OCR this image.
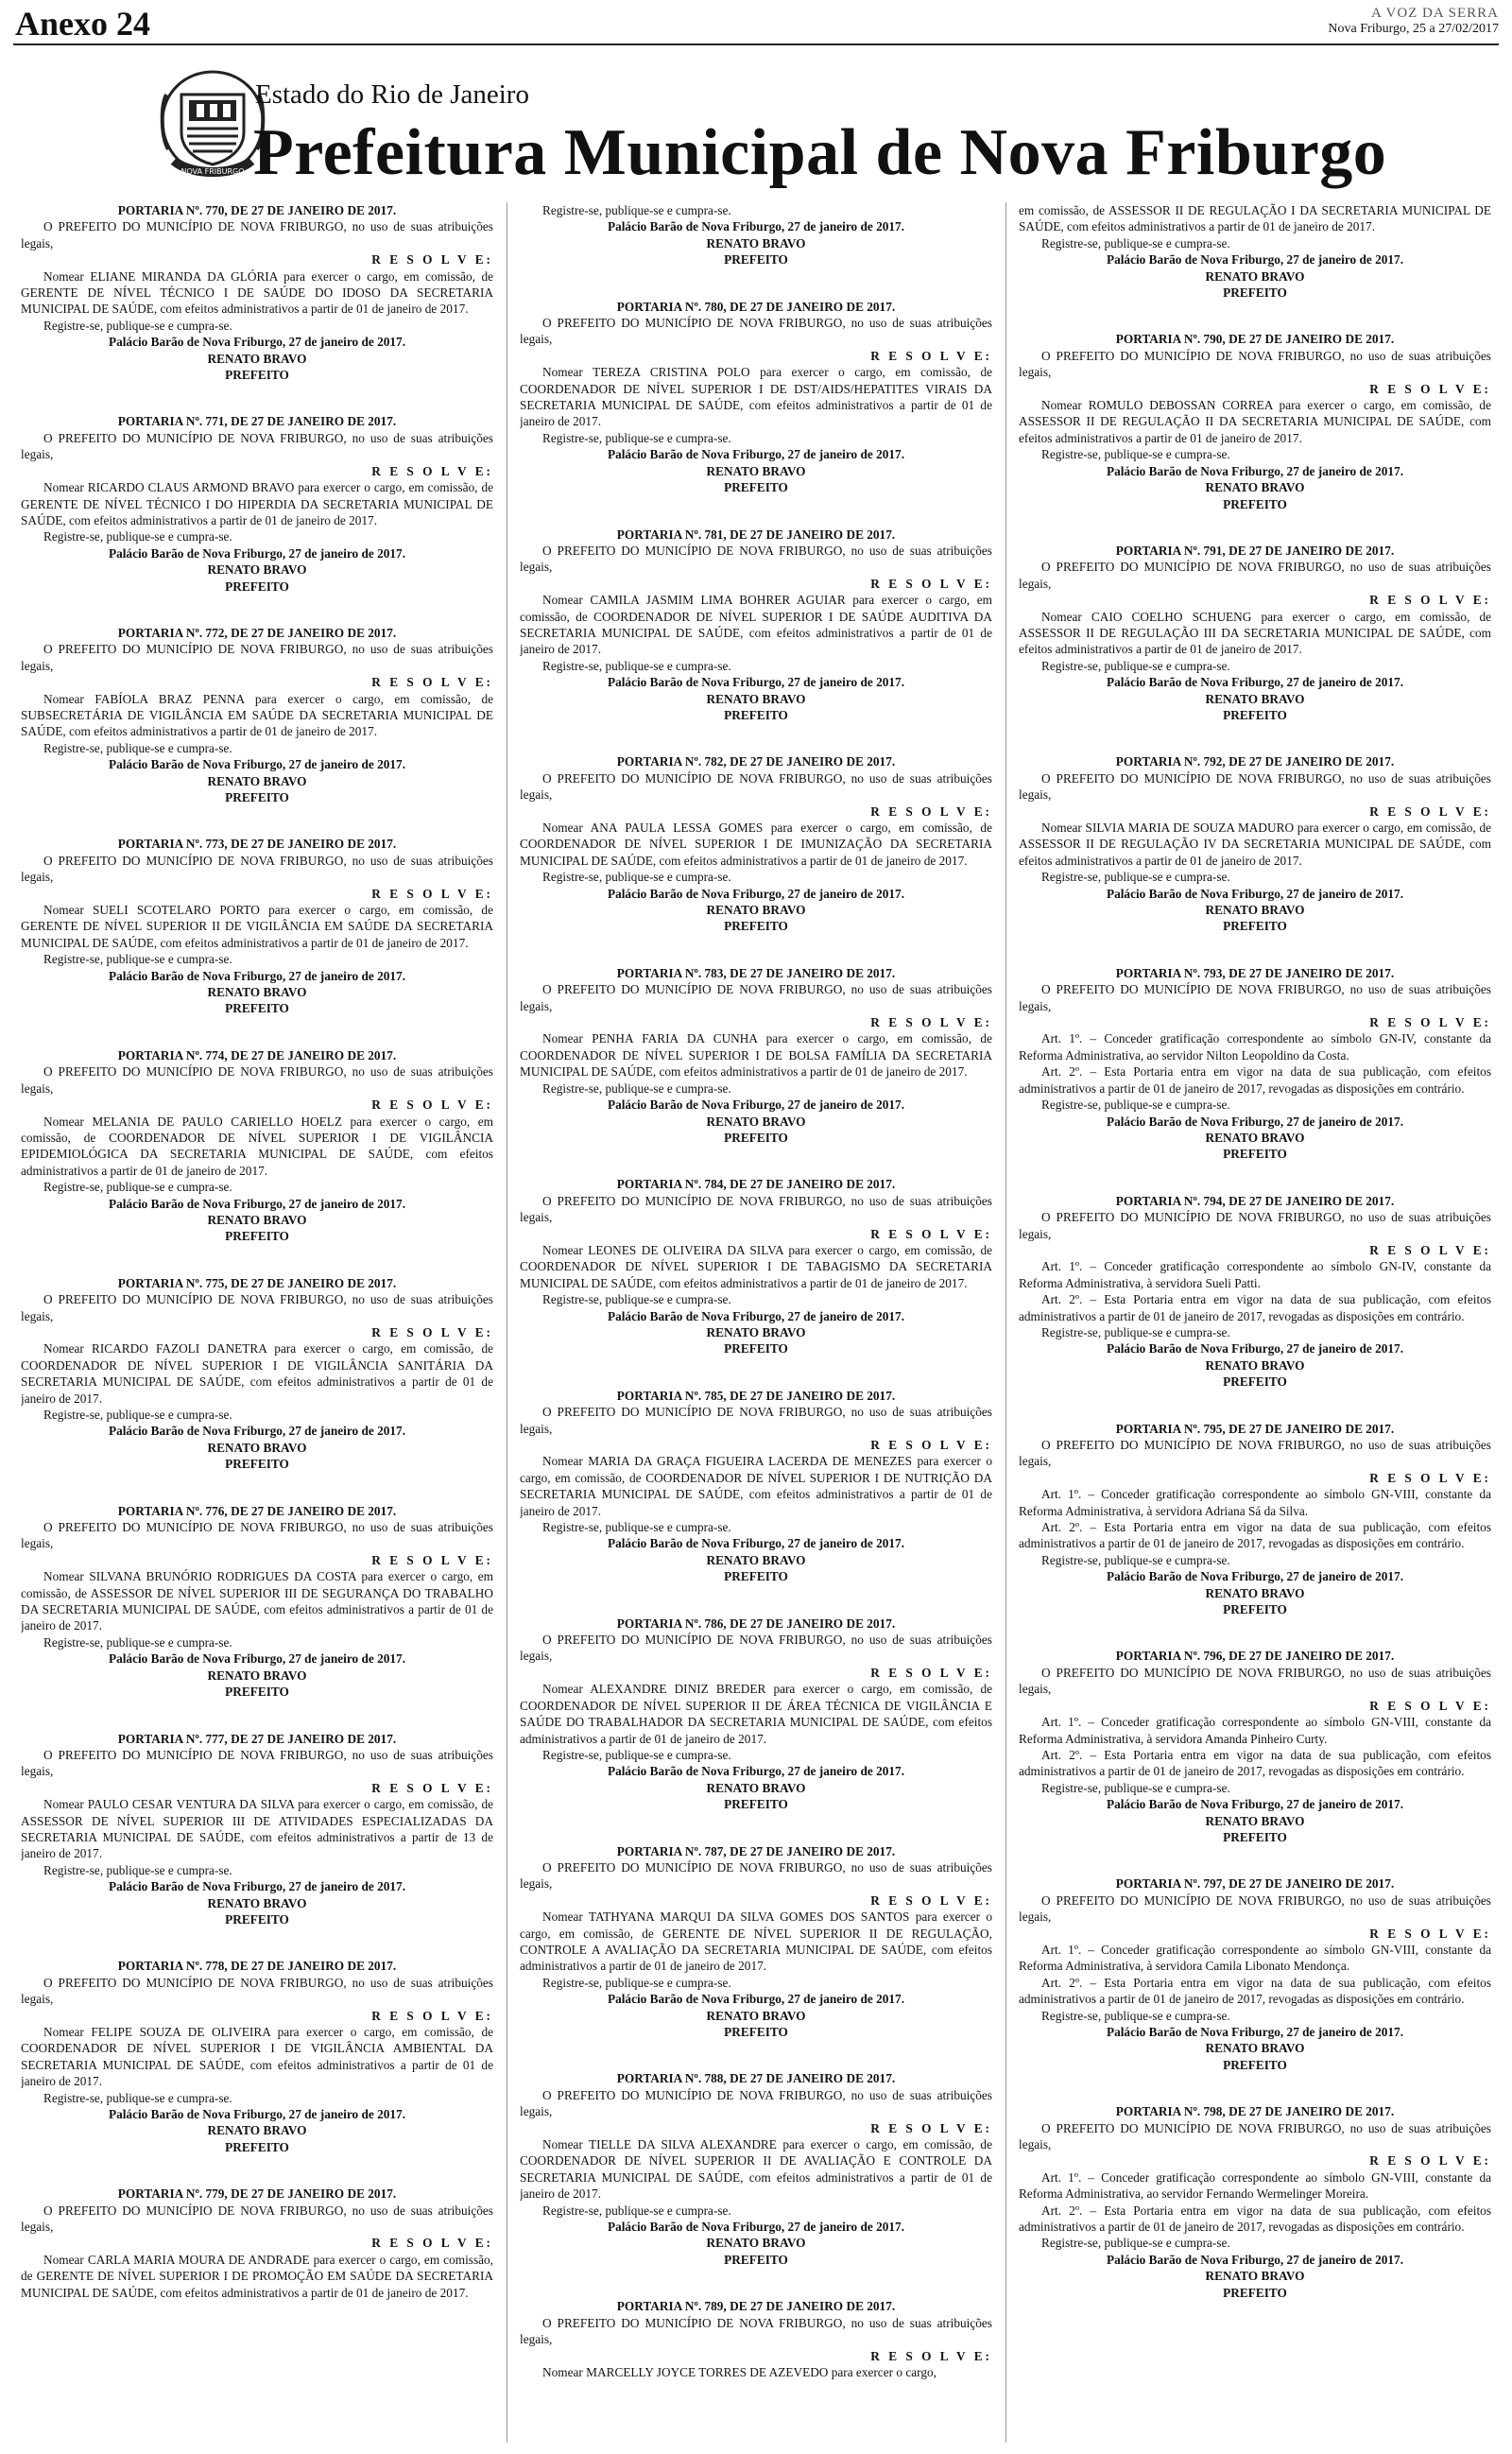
Anexo 24	A VOZ DA SERRA
Nova Friburgo, 25 a 27/02/2017
NOVA FRIBURGO
Estado do Rio de Janeiro
Prefeitura Municipal de Nova Friburgo

PORTARIA Nº. 770, DE 27 DE JANEIRO DE 2017.

O PREFEITO DO MUNICÍPIO DE NOVA FRIBURGO, no uso de suas atribuições legais,

R E S O L V E:

Nomear ELIANE MIRANDA DA GLÓRIA para exercer o cargo, em comissão, de GERENTE DE NÍVEL TÉCNICO I DE SAÚDE DO IDOSO DA SECRETARIA MUNICIPAL DE SAÚDE, com efeitos administrativos a partir de 01 de janeiro de 2017.

Registre-se, publique-se e cumpra-se.

Palácio Barão de Nova Friburgo, 27 de janeiro de 2017.

RENATO BRAVO

PREFEITO

PORTARIA Nº. 771, DE 27 DE JANEIRO DE 2017.

O PREFEITO DO MUNICÍPIO DE NOVA FRIBURGO, no uso de suas atribuições legais,

R E S O L V E:

Nomear RICARDO CLAUS ARMOND BRAVO para exercer o cargo, em comissão, de GERENTE DE NÍVEL TÉCNICO I DO HIPERDIA DA SECRETARIA MUNICIPAL DE SAÚDE, com efeitos administrativos a partir de 01 de janeiro de 2017.

Registre-se, publique-se e cumpra-se.

Palácio Barão de Nova Friburgo, 27 de janeiro de 2017.

RENATO BRAVO

PREFEITO

PORTARIA Nº. 772, DE 27 DE JANEIRO DE 2017.

O PREFEITO DO MUNICÍPIO DE NOVA FRIBURGO, no uso de suas atribuições legais,

R E S O L V E:

Nomear FABÍOLA BRAZ PENNA para exercer o cargo, em comissão, de SUBSECRETÁRIA DE VIGILÂNCIA EM SAÚDE DA SECRETARIA MUNICIPAL DE SAÚDE, com efeitos administrativos a partir de 01 de janeiro de 2017.

Registre-se, publique-se e cumpra-se.

Palácio Barão de Nova Friburgo, 27 de janeiro de 2017.

RENATO BRAVO

PREFEITO

PORTARIA Nº. 773, DE 27 DE JANEIRO DE 2017.

O PREFEITO DO MUNICÍPIO DE NOVA FRIBURGO, no uso de suas atribuições legais,

R E S O L V E:

Nomear SUELI SCOTELARO PORTO para exercer o cargo, em comissão, de GERENTE DE NÍVEL SUPERIOR II DE VIGILÂNCIA EM SAÚDE DA SECRETARIA MUNICIPAL DE SAÚDE, com efeitos administrativos a partir de 01 de janeiro de 2017.

Registre-se, publique-se e cumpra-se.

Palácio Barão de Nova Friburgo, 27 de janeiro de 2017.

RENATO BRAVO

PREFEITO

PORTARIA Nº. 774, DE 27 DE JANEIRO DE 2017.

O PREFEITO DO MUNICÍPIO DE NOVA FRIBURGO, no uso de suas atribuições legais,

R E S O L V E:

Nomear MELANIA DE PAULO CARIELLO HOELZ para exercer o cargo, em comissão, de COORDENADOR DE NÍVEL SUPERIOR I DE VIGILÂNCIA EPIDEMIOLÓGICA DA SECRETARIA MUNICIPAL DE SAÚDE, com efeitos administrativos a partir de 01 de janeiro de 2017.

Registre-se, publique-se e cumpra-se.

Palácio Barão de Nova Friburgo, 27 de janeiro de 2017.

RENATO BRAVO

PREFEITO

PORTARIA Nº. 775, DE 27 DE JANEIRO DE 2017.

O PREFEITO DO MUNICÍPIO DE NOVA FRIBURGO, no uso de suas atribuições legais,

R E S O L V E:

Nomear RICARDO FAZOLI DANETRA para exercer o cargo, em comissão, de COORDENADOR DE NÍVEL SUPERIOR I DE VIGILÂNCIA SANITÁRIA DA SECRETARIA MUNICIPAL DE SAÚDE, com efeitos administrativos a partir de 01 de janeiro de 2017.

Registre-se, publique-se e cumpra-se.

Palácio Barão de Nova Friburgo, 27 de janeiro de 2017.

RENATO BRAVO

PREFEITO

PORTARIA Nº. 776, DE 27 DE JANEIRO DE 2017.

O PREFEITO DO MUNICÍPIO DE NOVA FRIBURGO, no uso de suas atribuições legais,

R E S O L V E:

Nomear SILVANA BRUNÓRIO RODRIGUES DA COSTA para exercer o cargo, em comissão, de ASSESSOR DE NÍVEL SUPERIOR III DE SEGURANÇA DO TRABALHO DA SECRETARIA MUNICIPAL DE SAÚDE, com efeitos administrativos a partir de 01 de janeiro de 2017.

Registre-se, publique-se e cumpra-se.

Palácio Barão de Nova Friburgo, 27 de janeiro de 2017.

RENATO BRAVO

PREFEITO

PORTARIA Nº. 777, DE 27 DE JANEIRO DE 2017.

O PREFEITO DO MUNICÍPIO DE NOVA FRIBURGO, no uso de suas atribuições legais,

R E S O L V E:

Nomear PAULO CESAR VENTURA DA SILVA para exercer o cargo, em comissão, de ASSESSOR DE NÍVEL SUPERIOR III DE ATIVIDADES ESPECIALIZADAS DA SECRETARIA MUNICIPAL DE SAÚDE, com efeitos administrativos a partir de 13 de janeiro de 2017.

Registre-se, publique-se e cumpra-se.

Palácio Barão de Nova Friburgo, 27 de janeiro de 2017.

RENATO BRAVO

PREFEITO

PORTARIA Nº. 778, DE 27 DE JANEIRO DE 2017.

O PREFEITO DO MUNICÍPIO DE NOVA FRIBURGO, no uso de suas atribuições legais,

R E S O L V E:

Nomear FELIPE SOUZA DE OLIVEIRA para exercer o cargo, em comissão, de COORDENADOR DE NÍVEL SUPERIOR I DE VIGILÂNCIA AMBIENTAL DA SECRETARIA MUNICIPAL DE SAÚDE, com efeitos administrativos a partir de 01 de janeiro de 2017.

Registre-se, publique-se e cumpra-se.

Palácio Barão de Nova Friburgo, 27 de janeiro de 2017.

RENATO BRAVO

PREFEITO

PORTARIA Nº. 779, DE 27 DE JANEIRO DE 2017.

O PREFEITO DO MUNICÍPIO DE NOVA FRIBURGO, no uso de suas atribuições legais,

R E S O L V E:

Nomear CARLA MARIA MOURA DE ANDRADE para exercer o cargo, em comissão, de GERENTE DE NÍVEL SUPERIOR I DE PROMOÇÃO EM SAÚDE DA SECRETARIA MUNICIPAL DE SAÚDE, com efeitos administrativos a partir de 01 de janeiro de 2017.

Registre-se, publique-se e cumpra-se.

Palácio Barão de Nova Friburgo, 27 de janeiro de 2017.

RENATO BRAVO

PREFEITO

PORTARIA Nº. 780, DE 27 DE JANEIRO DE 2017.

O PREFEITO DO MUNICÍPIO DE NOVA FRIBURGO, no uso de suas atribuições legais,

R E S O L V E:

Nomear TEREZA CRISTINA POLO para exercer o cargo, em comissão, de COORDENADOR DE NÍVEL SUPERIOR I DE DST/AIDS/HEPATITES VIRAIS DA SECRETARIA MUNICIPAL DE SAÚDE, com efeitos administrativos a partir de 01 de janeiro de 2017.

Registre-se, publique-se e cumpra-se.

Palácio Barão de Nova Friburgo, 27 de janeiro de 2017.

RENATO BRAVO

PREFEITO

PORTARIA Nº. 781, DE 27 DE JANEIRO DE 2017.

O PREFEITO DO MUNICÍPIO DE NOVA FRIBURGO, no uso de suas atribuições legais,

R E S O L V E:

Nomear CAMILA JASMIM LIMA BOHRER AGUIAR para exercer o cargo, em comissão, de COORDENADOR DE NÍVEL SUPERIOR I DE SAÚDE AUDITIVA DA SECRETARIA MUNICIPAL DE SAÚDE, com efeitos administrativos a partir de 01 de janeiro de 2017.

Registre-se, publique-se e cumpra-se.

Palácio Barão de Nova Friburgo, 27 de janeiro de 2017.

RENATO BRAVO

PREFEITO

PORTARIA Nº. 782, DE 27 DE JANEIRO DE 2017.

O PREFEITO DO MUNICÍPIO DE NOVA FRIBURGO, no uso de suas atribuições legais,

R E S O L V E:

Nomear ANA PAULA LESSA GOMES para exercer o cargo, em comissão, de COORDENADOR DE NÍVEL SUPERIOR I DE IMUNIZAÇÃO DA SECRETARIA MUNICIPAL DE SAÚDE, com efeitos administrativos a partir de 01 de janeiro de 2017.

Registre-se, publique-se e cumpra-se.

Palácio Barão de Nova Friburgo, 27 de janeiro de 2017.

RENATO BRAVO

PREFEITO

PORTARIA Nº. 783, DE 27 DE JANEIRO DE 2017.

O PREFEITO DO MUNICÍPIO DE NOVA FRIBURGO, no uso de suas atribuições legais,

R E S O L V E:

Nomear PENHA FARIA DA CUNHA para exercer o cargo, em comissão, de COORDENADOR DE NÍVEL SUPERIOR I DE BOLSA FAMÍLIA DA SECRETARIA MUNICIPAL DE SAÚDE, com efeitos administrativos a partir de 01 de janeiro de 2017.

Registre-se, publique-se e cumpra-se.

Palácio Barão de Nova Friburgo, 27 de janeiro de 2017.

RENATO BRAVO

PREFEITO

PORTARIA Nº. 784, DE 27 DE JANEIRO DE 2017.

O PREFEITO DO MUNICÍPIO DE NOVA FRIBURGO, no uso de suas atribuições legais,

R E S O L V E:

Nomear LEONES DE OLIVEIRA DA SILVA para exercer o cargo, em comissão, de COORDENADOR DE NÍVEL SUPERIOR I DE TABAGISMO DA SECRETARIA MUNICIPAL DE SAÚDE, com efeitos administrativos a partir de 01 de janeiro de 2017.

Registre-se, publique-se e cumpra-se.

Palácio Barão de Nova Friburgo, 27 de janeiro de 2017.

RENATO BRAVO

PREFEITO

PORTARIA Nº. 785, DE 27 DE JANEIRO DE 2017.

O PREFEITO DO MUNICÍPIO DE NOVA FRIBURGO, no uso de suas atribuições legais,

R E S O L V E:

Nomear MARIA DA GRAÇA FIGUEIRA LACERDA DE MENEZES para exercer o cargo, em comissão, de COORDENADOR DE NÍVEL SUPERIOR I DE NUTRIÇÃO DA SECRETARIA MUNICIPAL DE SAÚDE, com efeitos administrativos a partir de 01 de janeiro de 2017.

Registre-se, publique-se e cumpra-se.

Palácio Barão de Nova Friburgo, 27 de janeiro de 2017.

RENATO BRAVO

PREFEITO

PORTARIA Nº. 786, DE 27 DE JANEIRO DE 2017.

O PREFEITO DO MUNICÍPIO DE NOVA FRIBURGO, no uso de suas atribuições legais,

R E S O L V E:

Nomear ALEXANDRE DINIZ BREDER para exercer o cargo, em comissão, de COORDENADOR DE NÍVEL SUPERIOR II DE ÁREA TÉCNICA DE VIGILÂNCIA E SAÚDE DO TRABALHADOR DA SECRETARIA MUNICIPAL DE SAÚDE, com efeitos administrativos a partir de 01 de janeiro de 2017.

Registre-se, publique-se e cumpra-se.

Palácio Barão de Nova Friburgo, 27 de janeiro de 2017.

RENATO BRAVO

PREFEITO

PORTARIA Nº. 787, DE 27 DE JANEIRO DE 2017.

O PREFEITO DO MUNICÍPIO DE NOVA FRIBURGO, no uso de suas atribuições legais,

R E S O L V E:

Nomear TATHYANA MARQUI DA SILVA GOMES DOS SANTOS para exercer o cargo, em comissão, de GERENTE DE NÍVEL SUPERIOR II DE REGULAÇÃO, CONTROLE A AVALIAÇÃO DA SECRETARIA MUNICIPAL DE SAÚDE, com efeitos administrativos a partir de 01 de janeiro de 2017.

Registre-se, publique-se e cumpra-se.

Palácio Barão de Nova Friburgo, 27 de janeiro de 2017.

RENATO BRAVO

PREFEITO

PORTARIA Nº. 788, DE 27 DE JANEIRO DE 2017.

O PREFEITO DO MUNICÍPIO DE NOVA FRIBURGO, no uso de suas atribuições legais,

R E S O L V E:

Nomear TIELLE DA SILVA ALEXANDRE para exercer o cargo, em comissão, de COORDENADOR DE NÍVEL SUPERIOR II DE AVALIAÇÃO E CONTROLE DA SECRETARIA MUNICIPAL DE SAÚDE, com efeitos administrativos a partir de 01 de janeiro de 2017.

Registre-se, publique-se e cumpra-se.

Palácio Barão de Nova Friburgo, 27 de janeiro de 2017.

RENATO BRAVO

PREFEITO

PORTARIA Nº. 789, DE 27 DE JANEIRO DE 2017.

O PREFEITO DO MUNICÍPIO DE NOVA FRIBURGO, no uso de suas atribuições legais,

R E S O L V E:

Nomear MARCELLY JOYCE TORRES DE AZEVEDO para exercer o cargo,

em comissão, de ASSESSOR II DE REGULAÇÃO I DA SECRETARIA MUNICIPAL DE SAÚDE, com efeitos administrativos a partir de 01 de janeiro de 2017.

Registre-se, publique-se e cumpra-se.

Palácio Barão de Nova Friburgo, 27 de janeiro de 2017.

RENATO BRAVO

PREFEITO

PORTARIA Nº. 790, DE 27 DE JANEIRO DE 2017.

O PREFEITO DO MUNICÍPIO DE NOVA FRIBURGO, no uso de suas atribuições legais,

R E S O L V E:

Nomear ROMULO DEBOSSAN CORREA para exercer o cargo, em comissão, de ASSESSOR II DE REGULAÇÃO II DA SECRETARIA MUNICIPAL DE SAÚDE, com efeitos administrativos a partir de 01 de janeiro de 2017.

Registre-se, publique-se e cumpra-se.

Palácio Barão de Nova Friburgo, 27 de janeiro de 2017.

RENATO BRAVO

PREFEITO

PORTARIA Nº. 791, DE 27 DE JANEIRO DE 2017.

O PREFEITO DO MUNICÍPIO DE NOVA FRIBURGO, no uso de suas atribuições legais,

R E S O L V E:

Nomear CAIO COELHO SCHUENG para exercer o cargo, em comissão, de ASSESSOR II DE REGULAÇÃO III DA SECRETARIA MUNICIPAL DE SAÚDE, com efeitos administrativos a partir de 01 de janeiro de 2017.

Registre-se, publique-se e cumpra-se.

Palácio Barão de Nova Friburgo, 27 de janeiro de 2017.

RENATO BRAVO

PREFEITO

PORTARIA Nº. 792, DE 27 DE JANEIRO DE 2017.

O PREFEITO DO MUNICÍPIO DE NOVA FRIBURGO, no uso de suas atribuições legais,

R E S O L V E:

Nomear SILVIA MARIA DE SOUZA MADURO para exercer o cargo, em comissão, de ASSESSOR II DE REGULAÇÃO IV DA SECRETARIA MUNICIPAL DE SAÚDE, com efeitos administrativos a partir de 01 de janeiro de 2017.

Registre-se, publique-se e cumpra-se.

Palácio Barão de Nova Friburgo, 27 de janeiro de 2017.

RENATO BRAVO

PREFEITO

PORTARIA Nº. 793, DE 27 DE JANEIRO DE 2017.

O PREFEITO DO MUNICÍPIO DE NOVA FRIBURGO, no uso de suas atribuições legais,

R E S O L V E:

Art. 1º. – Conceder gratificação correspondente ao símbolo GN-IV, constante da Reforma Administrativa, ao servidor Nilton Leopoldino da Costa.

Art. 2º. – Esta Portaria entra em vigor na data de sua publicação, com efeitos administrativos a partir de 01 de janeiro de 2017, revogadas as disposições em contrário.

Registre-se, publique-se e cumpra-se.

Palácio Barão de Nova Friburgo, 27 de janeiro de 2017.

RENATO BRAVO

PREFEITO

PORTARIA Nº. 794, DE 27 DE JANEIRO DE 2017.

O PREFEITO DO MUNICÍPIO DE NOVA FRIBURGO, no uso de suas atribuições legais,

R E S O L V E:

Art. 1º. – Conceder gratificação correspondente ao símbolo GN-IV, constante da Reforma Administrativa, à servidora Sueli Patti.

Art. 2º. – Esta Portaria entra em vigor na data de sua publicação, com efeitos administrativos a partir de 01 de janeiro de 2017, revogadas as disposições em contrário.

Registre-se, publique-se e cumpra-se.

Palácio Barão de Nova Friburgo, 27 de janeiro de 2017.

RENATO BRAVO

PREFEITO

PORTARIA Nº. 795, DE 27 DE JANEIRO DE 2017.

O PREFEITO DO MUNICÍPIO DE NOVA FRIBURGO, no uso de suas atribuições legais,

R E S O L V E:

Art. 1º. – Conceder gratificação correspondente ao símbolo GN-VIII, constante da Reforma Administrativa, à servidora Adriana Sá da Silva.

Art. 2º. – Esta Portaria entra em vigor na data de sua publicação, com efeitos administrativos a partir de 01 de janeiro de 2017, revogadas as disposições em contrário.

Registre-se, publique-se e cumpra-se.

Palácio Barão de Nova Friburgo, 27 de janeiro de 2017.

RENATO BRAVO

PREFEITO

PORTARIA Nº. 796, DE 27 DE JANEIRO DE 2017.

O PREFEITO DO MUNICÍPIO DE NOVA FRIBURGO, no uso de suas atribuições legais,

R E S O L V E:

Art. 1º. – Conceder gratificação correspondente ao símbolo GN-VIII, constante da Reforma Administrativa, à servidora Amanda Pinheiro Curty.

Art. 2º. – Esta Portaria entra em vigor na data de sua publicação, com efeitos administrativos a partir de 01 de janeiro de 2017, revogadas as disposições em contrário.

Registre-se, publique-se e cumpra-se.

Palácio Barão de Nova Friburgo, 27 de janeiro de 2017.

RENATO BRAVO

PREFEITO

PORTARIA Nº. 797, DE 27 DE JANEIRO DE 2017.

O PREFEITO DO MUNICÍPIO DE NOVA FRIBURGO, no uso de suas atribuições legais,

R E S O L V E:

Art. 1º. – Conceder gratificação correspondente ao símbolo GN-VIII, constante da Reforma Administrativa, à servidora Camila Libonato Mendonça.

Art. 2º. – Esta Portaria entra em vigor na data de sua publicação, com efeitos administrativos a partir de 01 de janeiro de 2017, revogadas as disposições em contrário.

Registre-se, publique-se e cumpra-se.

Palácio Barão de Nova Friburgo, 27 de janeiro de 2017.

RENATO BRAVO

PREFEITO

PORTARIA Nº. 798, DE 27 DE JANEIRO DE 2017.

O PREFEITO DO MUNICÍPIO DE NOVA FRIBURGO, no uso de suas atribuições legais,

R E S O L V E:

Art. 1º. – Conceder gratificação correspondente ao símbolo GN-VIII, constante da Reforma Administrativa, ao servidor Fernando Wermelinger Moreira.

Art. 2º. – Esta Portaria entra em vigor na data de sua publicação, com efeitos administrativos a partir de 01 de janeiro de 2017, revogadas as disposições em contrário.

Registre-se, publique-se e cumpra-se.

Palácio Barão de Nova Friburgo, 27 de janeiro de 2017.

RENATO BRAVO

PREFEITO
